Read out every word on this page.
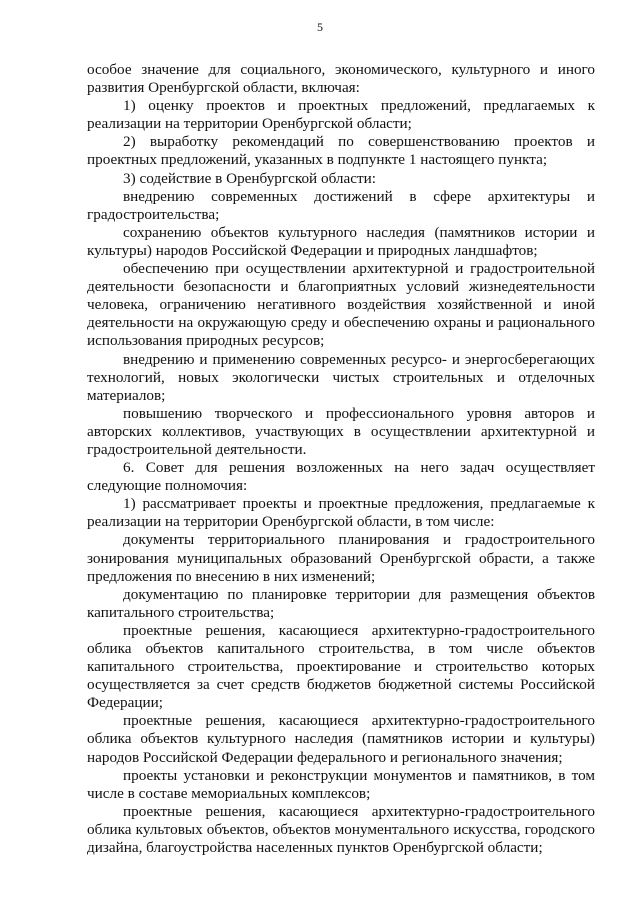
5

особое значение для социального, экономического, культурного и иного развития Оренбургской области, включая:

1) оценку проектов и проектных предложений, предлагаемых к реализации на территории Оренбургской области;

2) выработку рекомендаций по совершенствованию проектов и проектных предложений, указанных в подпункте 1 настоящего пункта;

3) содействие в Оренбургской области:

внедрению современных достижений в сфере архитектуры и градостроительства;

сохранению объектов культурного наследия (памятников истории и культуры) народов Российской Федерации и природных ландшафтов;

обеспечению при осуществлении архитектурной и градостроительной деятельности безопасности и благоприятных условий жизнедеятельности человека, ограничению негативного воздействия хозяйственной и иной деятельности на окружающую среду и обеспечению охраны и рационального использования природных ресурсов;

внедрению и применению современных ресурсо- и энергосберегающих технологий, новых экологически чистых строительных и отделочных материалов;

повышению творческого и профессионального уровня авторов и авторских коллективов, участвующих в осуществлении архитектурной и градостроительной деятельности.

6. Совет для решения возложенных на него задач осуществляет следующие полномочия:

1) рассматривает проекты и проектные предложения, предлагаемые к реализации на территории Оренбургской области, в том числе:

документы территориального планирования и градостроительного зонирования муниципальных образований Оренбургской обрасти, а также предложения по внесению в них изменений;

документацию по планировке территории для размещения объектов капитального строительства;

проектные решения, касающиеся архитектурно-градостроительного облика объектов капитального строительства, в том числе объектов капитального строительства, проектирование и строительство которых осуществляется за счет средств бюджетов бюджетной системы Российской Федерации;

проектные решения, касающиеся архитектурно-градостроительного облика объектов культурного наследия (памятников истории и культуры) народов Российской Федерации федерального и регионального значения;

проекты установки и реконструкции монументов и памятников, в том числе в составе мемориальных комплексов;

проектные решения, касающиеся архитектурно-градостроительного облика культовых объектов, объектов монументального искусства, городского дизайна, благоустройства населенных пунктов Оренбургской области;
